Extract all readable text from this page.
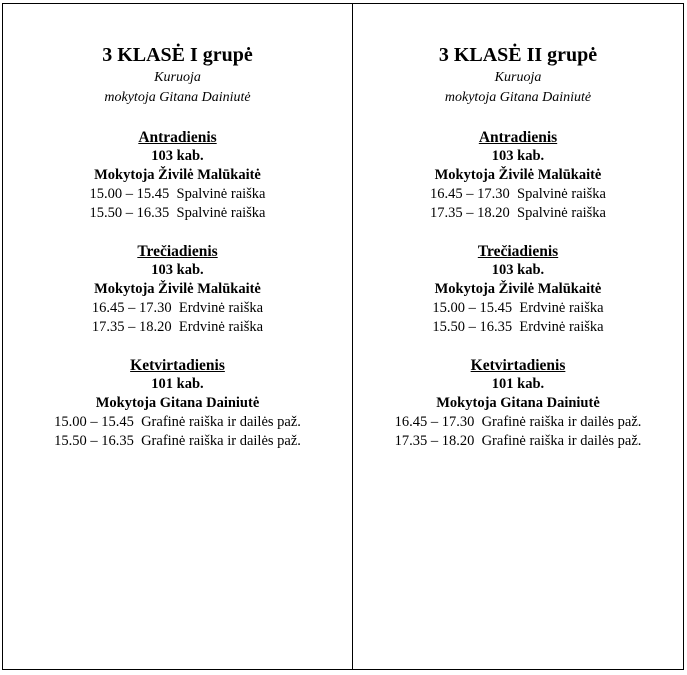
3 KLASĖ I grupė
Kuruoja
mokytoja Gitana Dainiutė
Antradienis
103 kab.
Mokytoja Živilė Malūkaitė
15.00 – 15.45  Spalvinė raiška
15.50 – 16.35  Spalvinė raiška
Trečiadienis
103 kab.
Mokytoja Živilė Malūkaitė
16.45 – 17.30  Erdvinė raiška
17.35 – 18.20  Erdvinė raiška
Ketvirtadienis
101 kab.
Mokytoja Gitana Dainiutė
15.00 – 15.45  Grafinė raiška ir dailės paž.
15.50 – 16.35  Grafinė raiška ir dailės paž.
3 KLASĖ II grupė
Kuruoja
mokytoja Gitana Dainiutė
Antradienis
103 kab.
Mokytoja Živilė Malūkaitė
16.45 – 17.30  Spalvinė raiška
17.35 – 18.20  Spalvinė raiška
Trečiadienis
103 kab.
Mokytoja Živilė Malūkaitė
15.00 – 15.45  Erdvinė raiška
15.50 – 16.35  Erdvinė raiška
Ketvirtadienis
101 kab.
Mokytoja Gitana Dainiutė
16.45 – 17.30  Grafinė raiška ir dailės paž.
17.35 – 18.20  Grafinė raiška ir dailės paž.
